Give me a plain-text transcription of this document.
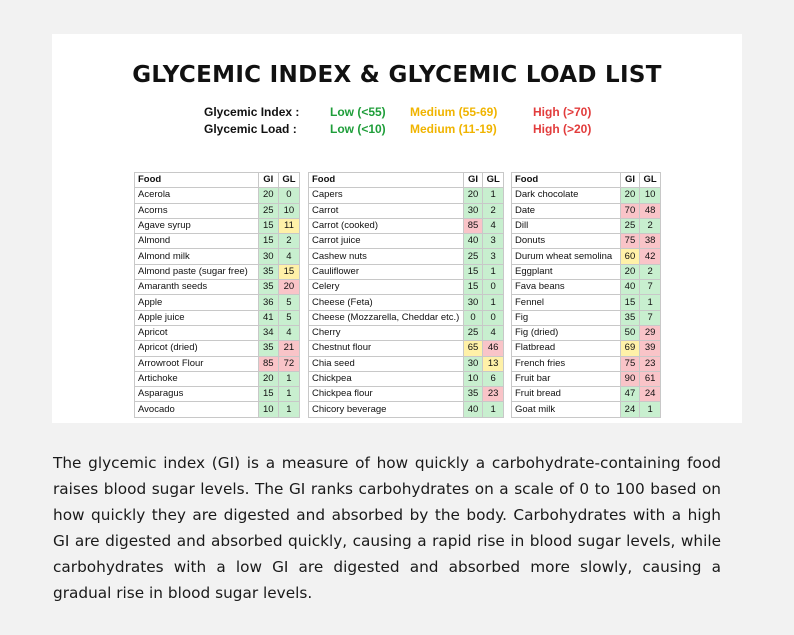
GLYCEMIC INDEX & GLYCEMIC LOAD LIST
Glycemic Index :	Low (<55) Medium (55-69)	High (>70)
Glycemic Load :	Low (<10) Medium (11-19)	High (>20)
Food	GI	GL
Acerola	20	0
Acorns	25	10
Agave syrup	15	11
Almond	15	2
Almond milk	30	4
Almond paste (sugar free)	35	15
Amaranth seeds	35	20
Apple	36	5
Apple juice	41	5
Apricot	34	4
Apricot (dried)	35	21
Arrowroot Flour	85	72
Artichoke	20	1
Asparagus	15	1
Avocado	10	1
Food	GI	GL
Capers	20	1
Carrot	30	2
Carrot (cooked)	85	4
Carrot juice	40	3
Cashew nuts	25	3
Cauliflower	15	1
Celery	15	0
Cheese (Feta)	30	1
Cheese (Mozzarella, Cheddar etc.)	0	0
Cherry	25	4
Chestnut flour	65	46
Chia seed	30	13
Chickpea	10	6
Chickpea flour	35	23
Chicory beverage	40	1
Food	GI	GL
Dark chocolate	20	10
Date	70	48
Dill	25	2
Donuts	75	38
Durum wheat semolina	60	42
Eggplant	20	2
Fava beans	40	7
Fennel	15	1
Fig	35	7
Fig (dried)	50	29
Flatbread	69	39
French fries	75	23
Fruit bar	90	61
Fruit bread	47	24
Goat milk	24	1
The glycemic index (GI) is a measure of how quickly a carbohydrate-containing food raises blood sugar levels. The GI ranks carbohydrates on a scale of 0 to 100 based on how quickly they are digested and absorbed by the body. Carbohydrates with a high GI are digested and absorbed quickly, causing a rapid rise in blood sugar levels, while carbohydrates with a low GI are digested and absorbed more slowly, causing a gradual rise in blood sugar levels.
